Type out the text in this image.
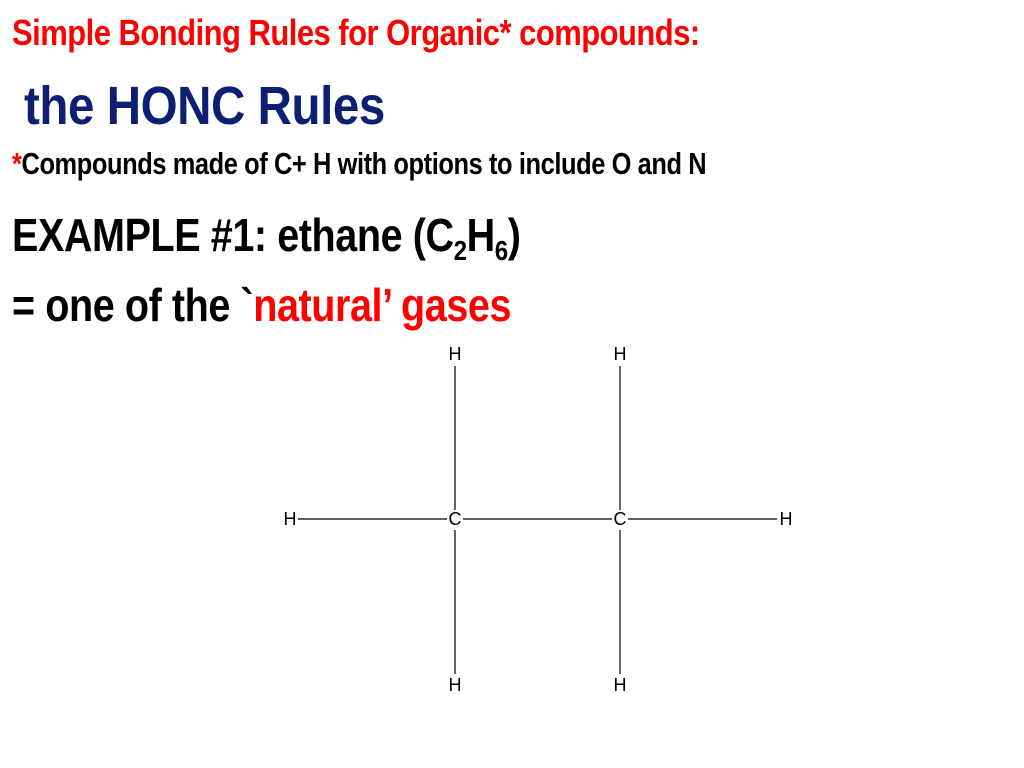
Simple Bonding Rules for Organic* compounds:
the HONC Rules
*Compounds made of C+ H with options to include O and N
EXAMPLE #1: ethane $(C_2H_6)$
= one of the `natural’ gases
H	H
H	C	C	H
H	H
